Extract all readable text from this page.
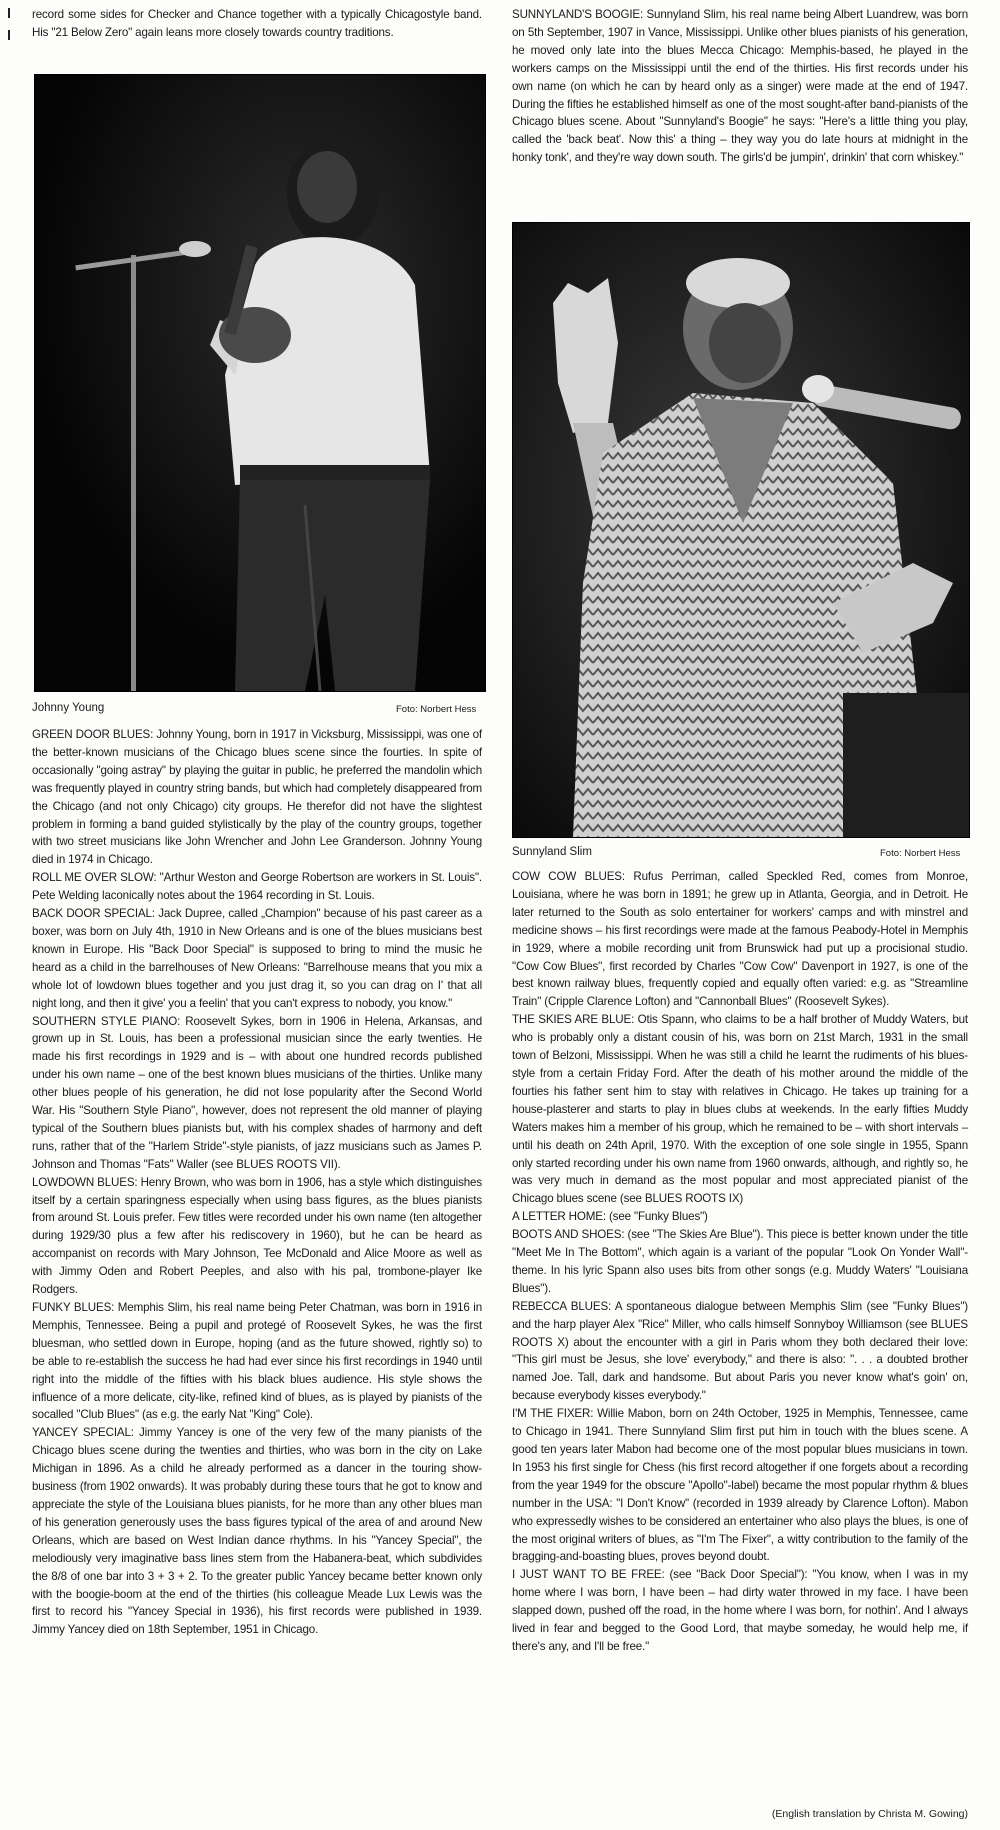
record some sides for Checker and Chance together with a typically Chicagostyle band. His "21 Below Zero" again leans more closely towards country traditions.

Johnny Young	Foto: Norbert Hess

GREEN DOOR BLUES: Johnny Young, born in 1917 in Vicksburg, Mississippi, was one of the better-known musicians of the Chicago blues scene since the fourties. In spite of occasionally "going astray" by playing the guitar in public, he preferred the mandolin which was frequently played in country string bands, but which had completely disappeared from the Chicago (and not only Chicago) city groups. He therefor did not have the slightest problem in forming a band guided stylistically by the play of the country groups, together with two street musicians like John Wrencher and John Lee Granderson. Johnny Young died in 1974 in Chicago.

ROLL ME OVER SLOW: "Arthur Weston and George Robertson are workers in St. Louis". Pete Welding laconically notes about the 1964 recording in St. Louis.

BACK DOOR SPECIAL: Jack Dupree, called „Champion" because of his past career as a boxer, was born on July 4th, 1910 in New Orleans and is one of the blues musicians best known in Europe. His "Back Door Special" is supposed to bring to mind the music he heard as a child in the barrelhouses of New Orleans: "Barrelhouse means that you mix a whole lot of lowdown blues together and you just drag it, so you can drag on I' that all night long, and then it give' you a feelin' that you can't express to nobody, you know."

SOUTHERN STYLE PIANO: Roosevelt Sykes, born in 1906 in Helena, Arkansas, and grown up in St. Louis, has been a professional musician since the early twenties. He made his first recordings in 1929 and is – with about one hundred records published under his own name – one of the best known blues musicians of the thirties. Unlike many other blues people of his generation, he did not lose popularity after the Second World War. His "Southern Style Piano", however, does not represent the old manner of playing typical of the Southern blues pianists but, with his complex shades of harmony and deft runs, rather that of the "Harlem Stride"-style pianists, of jazz musicians such as James P. Johnson and Thomas "Fats" Waller (see BLUES ROOTS VII).

LOWDOWN BLUES: Henry Brown, who was born in 1906, has a style which distinguishes itself by a certain sparingness especially when using bass figures, as the blues pianists from around St. Louis prefer. Few titles were recorded under his own name (ten altogether during 1929/30 plus a few after his rediscovery in 1960), but he can be heard as accompanist on records with Mary Johnson, Tee McDonald and Alice Moore as well as with Jimmy Oden and Robert Peeples, and also with his pal, trombone-player Ike Rodgers.

FUNKY BLUES: Memphis Slim, his real name being Peter Chatman, was born in 1916 in Memphis, Tennessee. Being a pupil and protegé of Roosevelt Sykes, he was the first bluesman, who settled down in Europe, hoping (and as the future showed, rightly so) to be able to re-establish the success he had had ever since his first recordings in 1940 until right into the middle of the fifties with his black blues audience. His style shows the influence of a more delicate, city-like, refined kind of blues, as is played by pianists of the socalled "Club Blues" (as e.g. the early Nat "King" Cole).

YANCEY SPECIAL: Jimmy Yancey is one of the very few of the many pianists of the Chicago blues scene during the twenties and thirties, who was born in the city on Lake Michigan in 1896. As a child he already performed as a dancer in the touring show-business (from 1902 onwards). It was probably during these tours that he got to know and appreciate the style of the Louisiana blues pianists, for he more than any other blues man of his generation generously uses the bass figures typical of the area of and around New Orleans, which are based on West Indian dance rhythms. In his "Yancey Special", the melodiously very imaginative bass lines stem from the Habanera-beat, which subdivides the 8/8 of one bar into 3 + 3 + 2. To the greater public Yancey became better known only with the boogie-boom at the end of the thirties (his colleague Meade Lux Lewis was the first to record his "Yancey Special in 1936), his first records were published in 1939. Jimmy Yancey died on 18th September, 1951 in Chicago.

SUNNYLAND'S BOOGIE: Sunnyland Slim, his real name being Albert Luandrew, was born on 5th September, 1907 in Vance, Mississippi. Unlike other blues pianists of his generation, he moved only late into the blues Mecca Chicago: Memphis-based, he played in the workers camps on the Mississippi until the end of the thirties. His first records under his own name (on which he can by heard only as a singer) were made at the end of 1947. During the fifties he established himself as one of the most sought-after band-pianists of the Chicago blues scene. About "Sunnyland's Boogie" he says: "Here's a little thing you play, called the 'back beat'. Now this' a thing – they way you do late hours at midnight in the honky tonk', and they're way down south. The girls'd be jumpin', drinkin' that corn whiskey."

Sunnyland Slim	Foto: Norbert Hess

COW COW BLUES: Rufus Perriman, called Speckled Red, comes from Monroe, Louisiana, where he was born in 1891; he grew up in Atlanta, Georgia, and in Detroit. He later returned to the South as solo entertainer for workers' camps and with minstrel and medicine shows – his first recordings were made at the famous Peabody-Hotel in Memphis in 1929, where a mobile recording unit from Brunswick had put up a procisional studio. "Cow Cow Blues", first recorded by Charles "Cow Cow" Davenport in 1927, is one of the best known railway blues, frequently copied and equally often varied: e.g. as "Streamline Train" (Cripple Clarence Lofton) and "Cannonball Blues" (Roosevelt Sykes).

THE SKIES ARE BLUE: Otis Spann, who claims to be a half brother of Muddy Waters, but who is probably only a distant cousin of his, was born on 21st March, 1931 in the small town of Belzoni, Mississippi. When he was still a child he learnt the rudiments of his blues-style from a certain Friday Ford. After the death of his mother around the middle of the fourties his father sent him to stay with relatives in Chicago. He takes up training for a house-plasterer and starts to play in blues clubs at weekends. In the early fifties Muddy Waters makes him a member of his group, which he remained to be – with short intervals – until his death on 24th April, 1970. With the exception of one sole single in 1955, Spann only started recording under his own name from 1960 onwards, although, and rightly so, he was very much in demand as the most popular and most appreciated pianist of the Chicago blues scene (see BLUES ROOTS IX)

A LETTER HOME: (see "Funky Blues")

BOOTS AND SHOES: (see "The Skies Are Blue"). This piece is better known under the title "Meet Me In The Bottom", which again is a variant of the popular "Look On Yonder Wall"-theme. In his lyric Spann also uses bits from other songs (e.g. Muddy Waters' "Louisiana Blues").

REBECCA BLUES: A spontaneous dialogue between Memphis Slim (see "Funky Blues") and the harp player Alex "Rice" Miller, who calls himself Sonnyboy Williamson (see BLUES ROOTS X) about the encounter with a girl in Paris whom they both declared their love: "This girl must be Jesus, she love' everybody," and there is also: ". . . a doubted brother named Joe. Tall, dark and handsome. But about Paris you never know what's goin' on, because everybody kisses everybody."

I'M THE FIXER: Willie Mabon, born on 24th October, 1925 in Memphis, Tennessee, came to Chicago in 1941. There Sunnyland Slim first put him in touch with the blues scene. A good ten years later Mabon had become one of the most popular blues musicians in town. In 1953 his first single for Chess (his first record altogether if one forgets about a recording from the year 1949 for the obscure "Apollo"-label) became the most popular rhythm & blues number in the USA: "I Don't Know" (recorded in 1939 already by Clarence Lofton). Mabon who expressedly wishes to be considered an entertainer who also plays the blues, is one of the most original writers of blues, as "I'm The Fixer", a witty contribution to the family of the bragging-and-boasting blues, proves beyond doubt.

I JUST WANT TO BE FREE: (see "Back Door Special"): "You know, when I was in my home where I was born, I have been – had dirty water throwed in my face. I have been slapped down, pushed off the road, in the home where I was born, for nothin'. And I always lived in fear and begged to the Good Lord, that maybe someday, he would help me, if there's any, and I'll be free."

(English translation by Christa M. Gowing)
